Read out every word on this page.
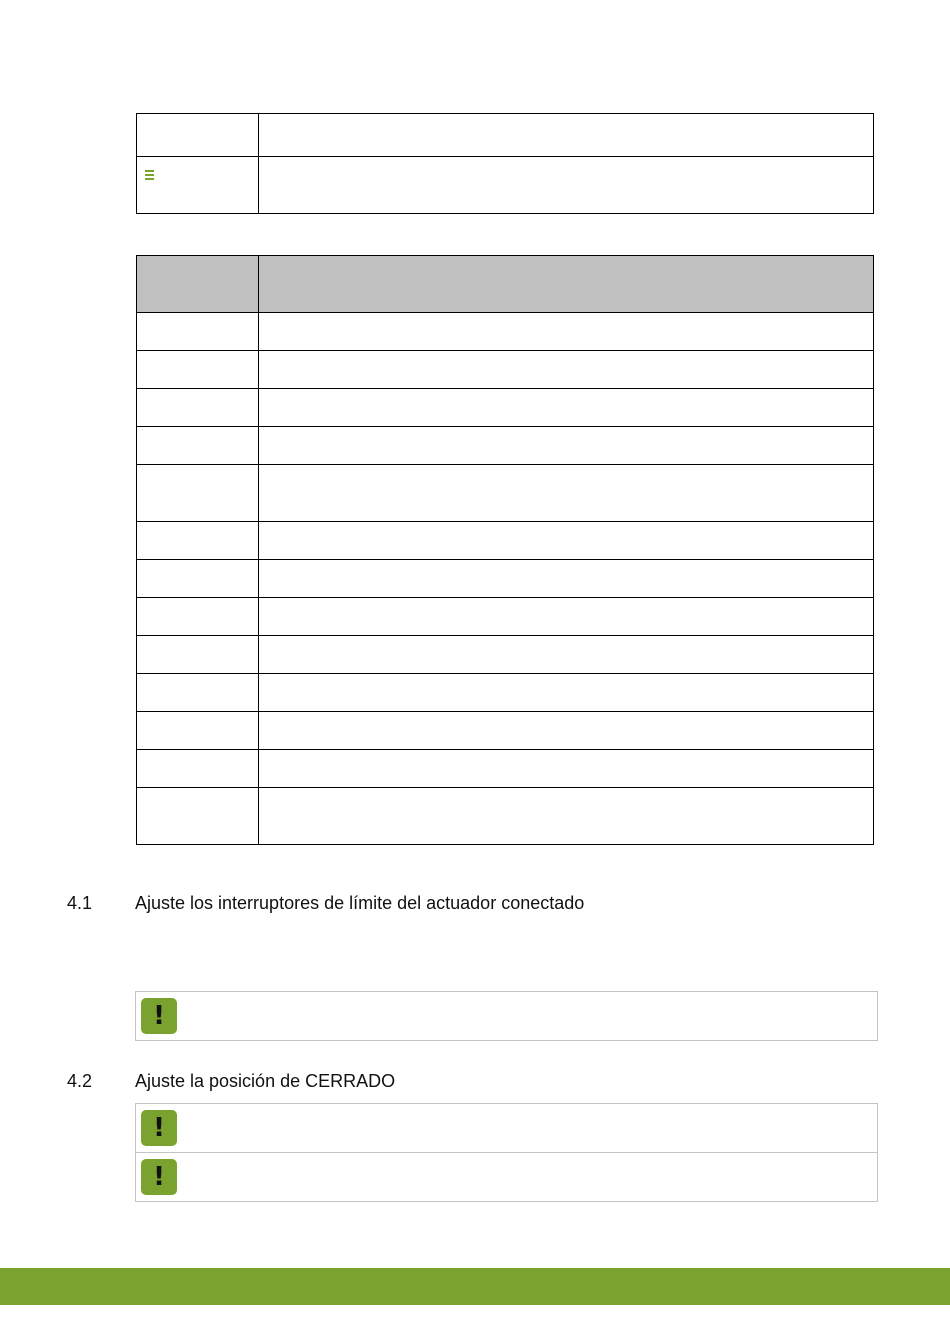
4.1 Ajuste los interruptores de límite del actuador conectado
!
4.2 Ajuste la posición de CERRADO
!
!
